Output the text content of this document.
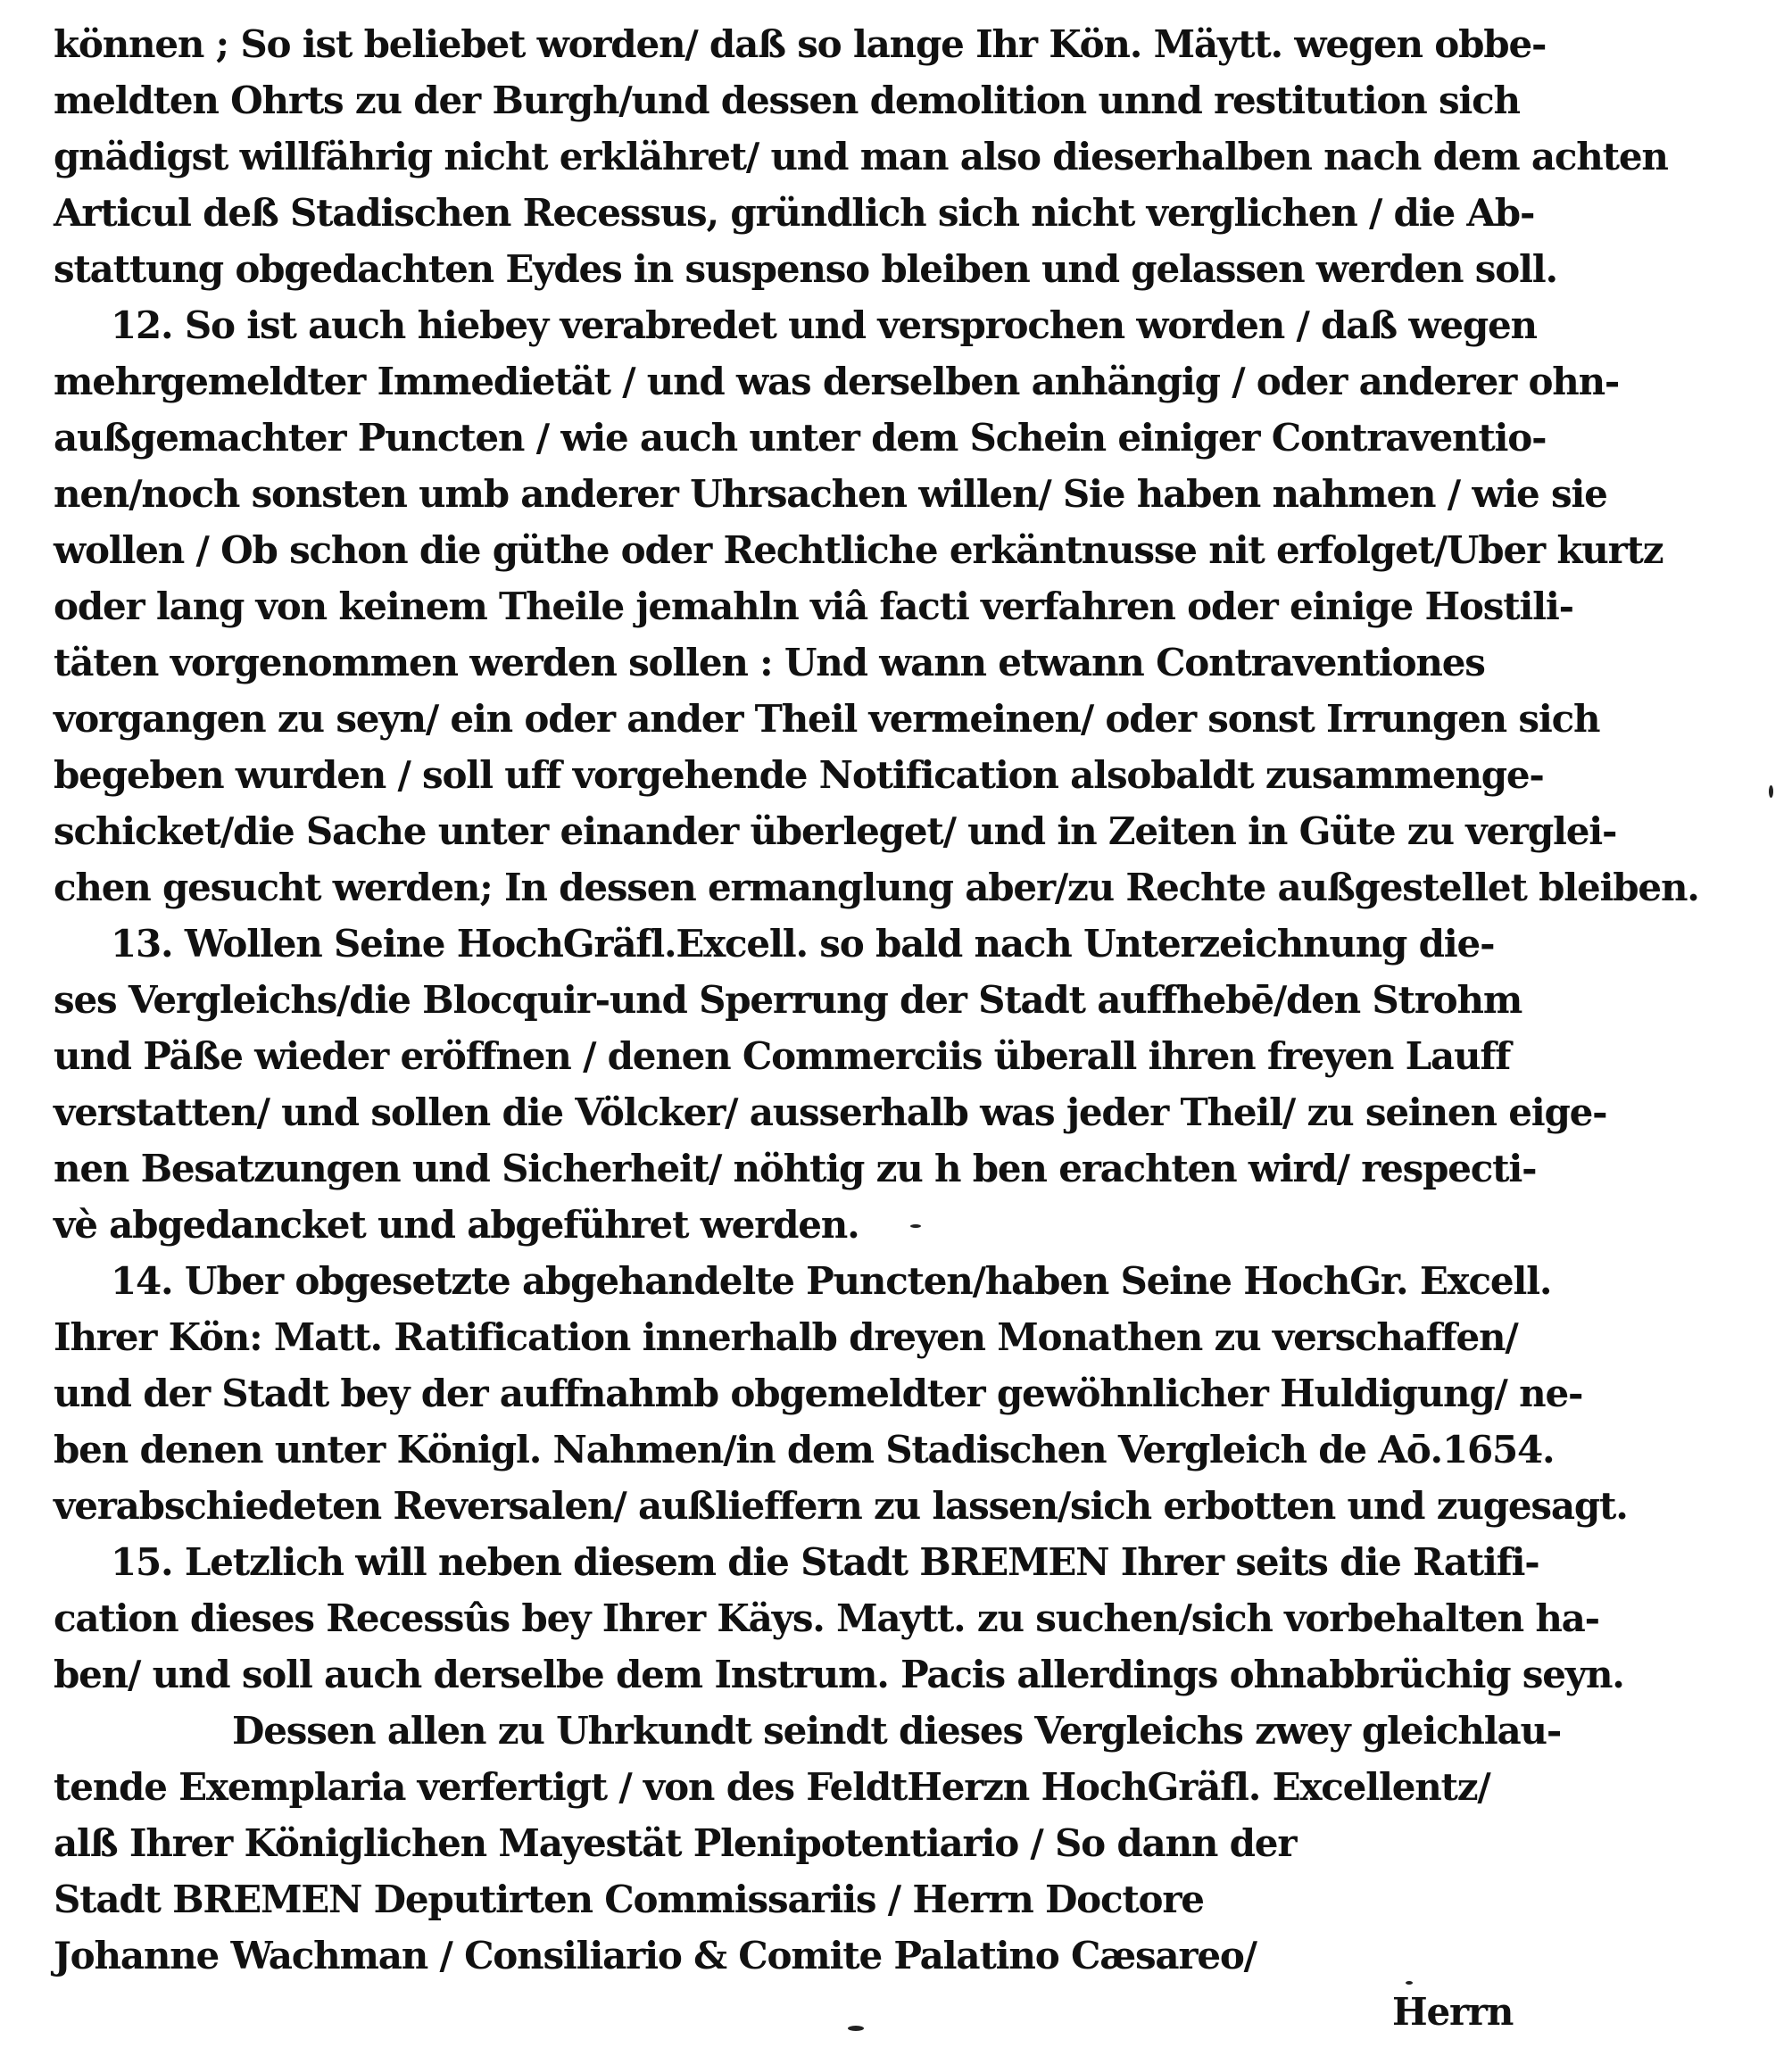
können ; So ist beliebet worden/ daß so lange Ihr Kön. Mäytt. wegen obbe-
meldten Ohrts zu der Burgh/und dessen demolition unnd restitution sich
gnädigst willfährig nicht erklähret/ und man also dieserhalben nach dem achten
Articul deß Stadischen Recessus, gründlich sich nicht verglichen / die Ab-
stattung obgedachten Eydes in suspenso bleiben und gelassen werden soll.
12. So ist auch hiebey verabredet und versprochen worden / daß wegen
mehrgemeldter Immedietät / und was derselben anhängig / oder anderer ohn-
außgemachter Puncten / wie auch unter dem Schein einiger Contraventio-
nen/noch sonsten umb anderer Uhrsachen willen/ Sie haben nahmen / wie sie
wollen / Ob schon die güthe oder Rechtliche erkäntnusse nit erfolget/Uber kurtz
oder lang von keinem Theile jemahln viâ facti verfahren oder einige Hostili-
täten vorgenommen werden sollen : Und wann etwann Contraventiones
vorgangen zu seyn/ ein oder ander Theil vermeinen/ oder sonst Irrungen sich
begeben wurden / soll uff vorgehende Notification alsobaldt zusammenge-
schicket/die Sache unter einander überleget/ und in Zeiten in Güte zu verglei-
chen gesucht werden; In dessen ermanglung aber/zu Rechte außgestellet bleiben.
13. Wollen Seine HochGräfl.Excell. so bald nach Unterzeichnung die-
ses Vergleichs/die Blocquir-und Sperrung der Stadt auffhebē/den Strohm
und Päße wieder eröffnen / denen Commerciis überall ihren freyen Lauff
verstatten/ und sollen die Völcker/ ausserhalb was jeder Theil/ zu seinen eige-
nen Besatzungen und Sicherheit/ nöhtig zu h ben erachten wird/ respecti-
vè abgedancket und abgeführet werden.
14. Uber obgesetzte abgehandelte Puncten/haben Seine HochGr. Excell.
Ihrer Kön: Matt. Ratification innerhalb dreyen Monathen zu verschaffen/
und der Stadt bey der auffnahmb obgemeldter gewöhnlicher Huldigung/ ne-
ben denen unter Königl. Nahmen/in dem Stadischen Vergleich de Aō.1654.
verabschiedeten Reversalen/ außlieffern zu lassen/sich erbotten und zugesagt.
15. Letzlich will neben diesem die Stadt BREMEN Ihrer seits die Ratifi-
cation dieses Recessûs bey Ihrer Käys. Maytt. zu suchen/sich vorbehalten ha-
ben/ und soll auch derselbe dem Instrum. Pacis allerdings ohnabbrüchig seyn.
Dessen allen zu Uhrkundt seindt dieses Vergleichs zwey gleichlau-
tende Exemplaria verfertigt / von des FeldtHerzn HochGräfl. Excellentz/
alß Ihrer Königlichen Mayestät Plenipotentiario / So dann der
Stadt BREMEN Deputirten Commissariis / Herrn Doctore
Johanne Wachman / Consiliario & Comite Palatino Cæsareo/
Herrn
